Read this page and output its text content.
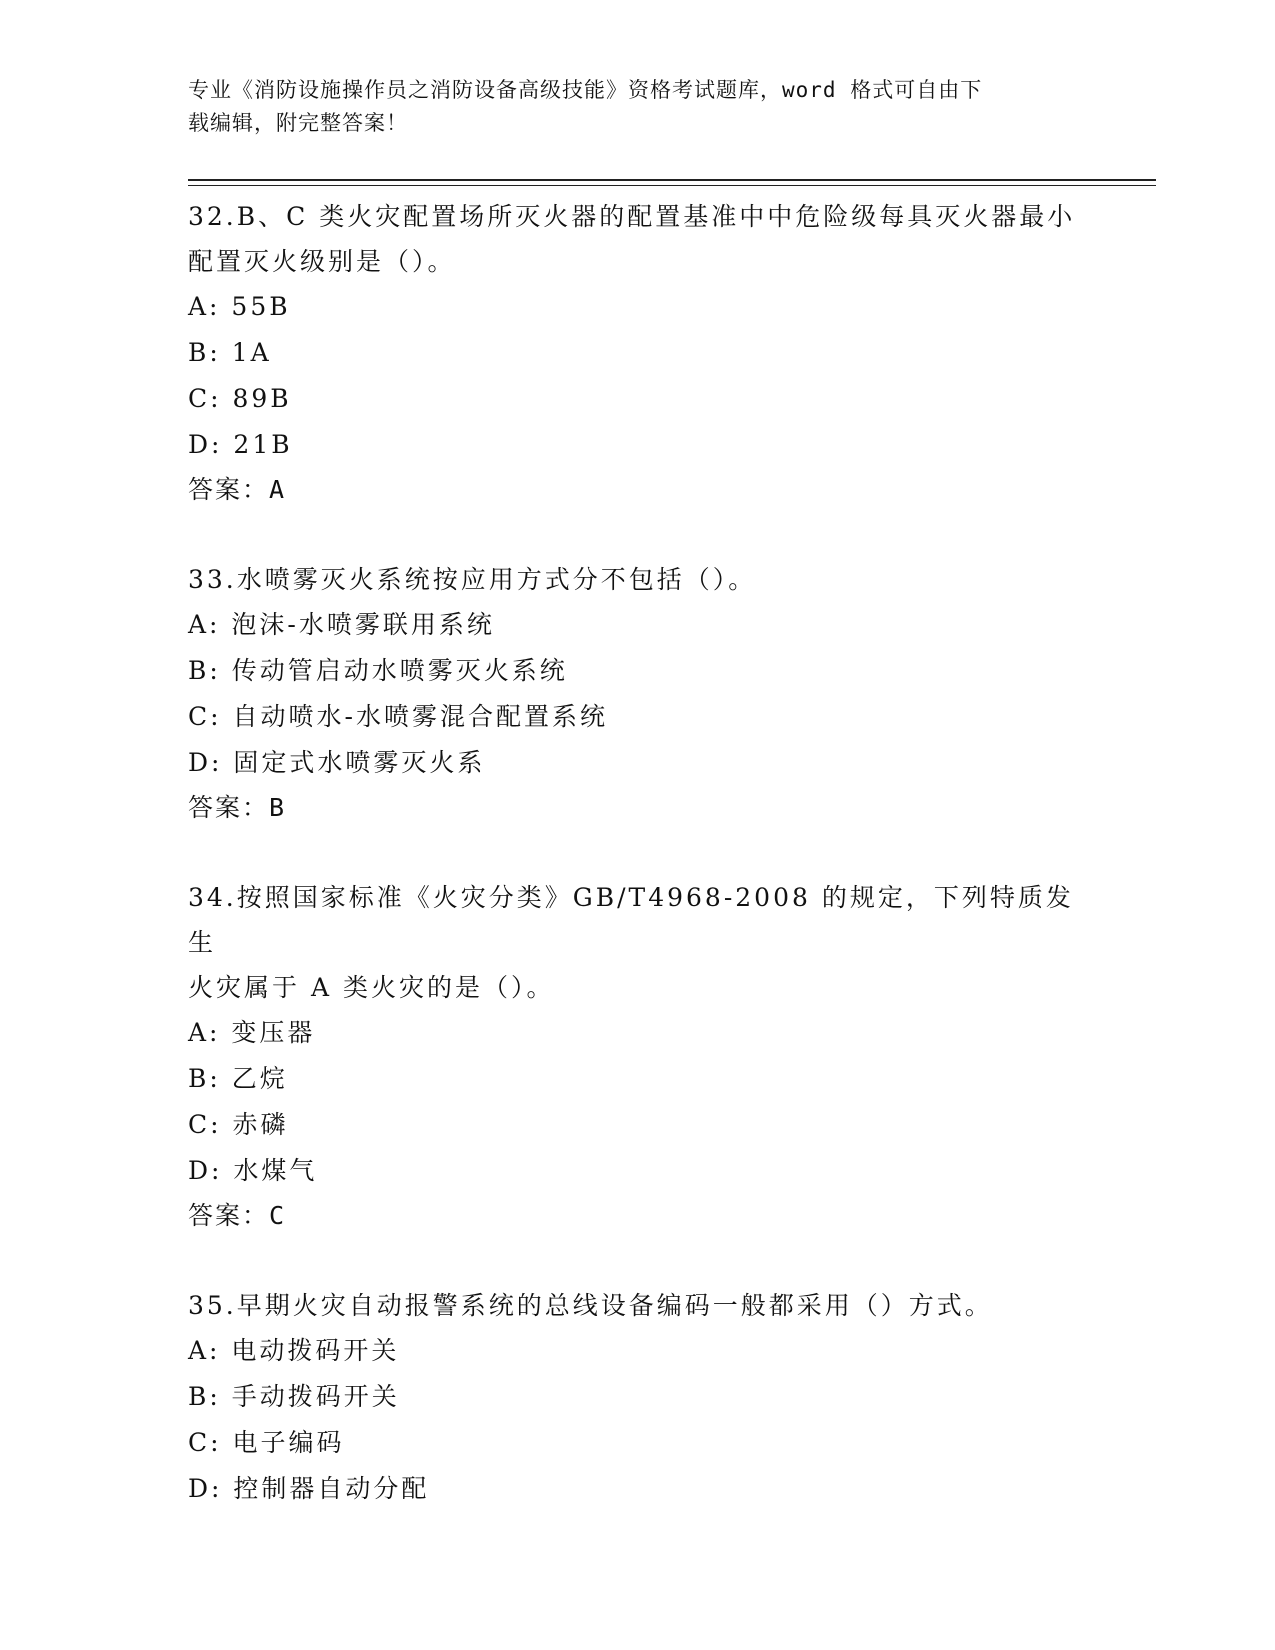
专业《消防设施操作员之消防设备高级技能》资格考试题库，word 格式可自由下
载编辑，附完整答案！
32.B、C 类火灾配置场所灭火器的配置基准中中危险级每具灭火器最小
配置灭火级别是（）。
A: 55B
B: 1A
C: 89B
D: 21B
答案：A
33.水喷雾灭火系统按应用方式分不包括（）。
A: 泡沫-水喷雾联用系统
B: 传动管启动水喷雾灭火系统
C: 自动喷水-水喷雾混合配置系统
D: 固定式水喷雾灭火系
答案：B
34.按照国家标准《火灾分类》GB/T4968-2008 的规定，下列特质发生
火灾属于 A 类火灾的是（）。
A: 变压器
B: 乙烷
C: 赤磷
D: 水煤气
答案：C
35.早期火灾自动报警系统的总线设备编码一般都采用（）方式。
A: 电动拨码开关
B: 手动拨码开关
C: 电子编码
D: 控制器自动分配
